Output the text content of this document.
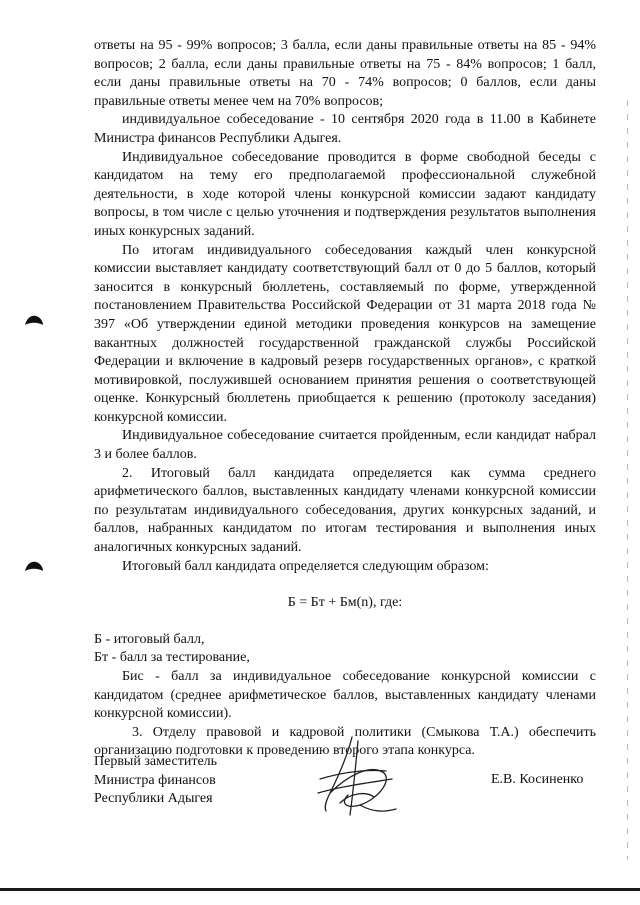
ответы на 95 - 99% вопросов; 3 балла, если даны правильные ответы на 85 - 94% вопросов; 2 балла, если даны правильные ответы на 75 - 84% вопросов; 1 балл, если даны правильные ответы на 70 - 74% вопросов; 0 баллов, если даны правильные ответы менее чем на 70% вопросов;

индивидуальное собеседование - 10 сентября 2020 года в 11.00 в Кабинете Министра финансов Республики Адыгея.

Индивидуальное собеседование проводится в форме свободной беседы с кандидатом на тему его предполагаемой профессиональной служебной деятельности, в ходе которой члены конкурсной комиссии задают кандидату вопросы, в том числе с целью уточнения и подтверждения результатов выполнения иных конкурсных заданий.

По итогам индивидуального собеседования каждый член конкурсной комиссии выставляет кандидату соответствующий балл от 0 до 5 баллов, который заносится в конкурсный бюллетень, составляемый по форме, утвержденной постановлением Правительства Российской Федерации от 31 марта 2018 года № 397 «Об утверждении единой методики проведения конкурсов на замещение вакантных должностей государственной гражданской службы Российской Федерации и включение в кадровый резерв государственных органов», с краткой мотивировкой, послужившей основанием принятия решения о соответствующей оценке. Конкурсный бюллетень приобщается к решению (протоколу заседания) конкурсной комиссии.

Индивидуальное собеседование считается пройденным, если кандидат набрал 3 и более баллов.

2. Итоговый балл кандидата определяется как сумма среднего арифметического баллов, выставленных кандидату членами конкурсной комиссии по результатам индивидуального собеседования, других конкурсных заданий, и баллов, набранных кандидатом по итогам тестирования и выполнения иных аналогичных конкурсных заданий.

Итоговый балл кандидата определяется следующим образом:

Б = Бт + Бм(n), где:

Б - итоговый балл,

Бт - балл за тестирование,

Бис - балл за индивидуальное собеседование конкурсной комиссии с кандидатом (среднее арифметическое баллов, выставленных кандидату членами конкурсной комиссии).

3. Отделу правовой и кадровой политики (Смыкова Т.А.) обеспечить организацию подготовки к проведению второго этапа конкурса.

Первый заместитель
Министра финансов
Республики Адыгея
Е.В. Косиненко
